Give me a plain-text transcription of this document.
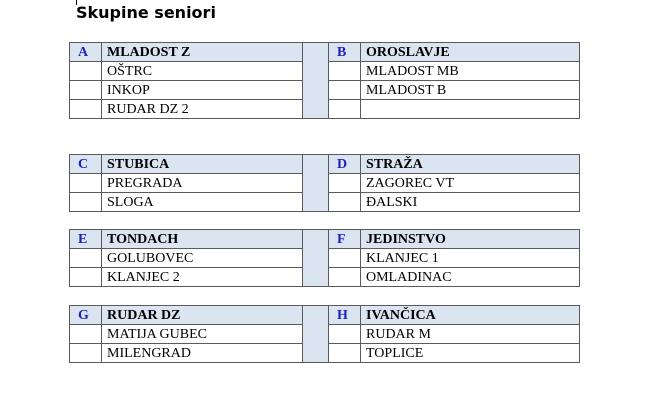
Skupine seniori
A	MLADOST Z		B	OROSLAVJE
	OŠTRC			MLADOST MB
	INKOP			MLADOST B
	RUDAR DZ 2			
C	STUBICA		D	STRAŽA
	PREGRADA			ZAGOREC VT
	SLOGA			ĐALSKI
E	TONDACH		F	JEDINSTVO
	GOLUBOVEC			KLANJEC 1
	KLANJEC 2			OMLADINAC
G	RUDAR DZ		H	IVANČICA
	MATIJA GUBEC			RUDAR M
	MILENGRAD			TOPLICE
